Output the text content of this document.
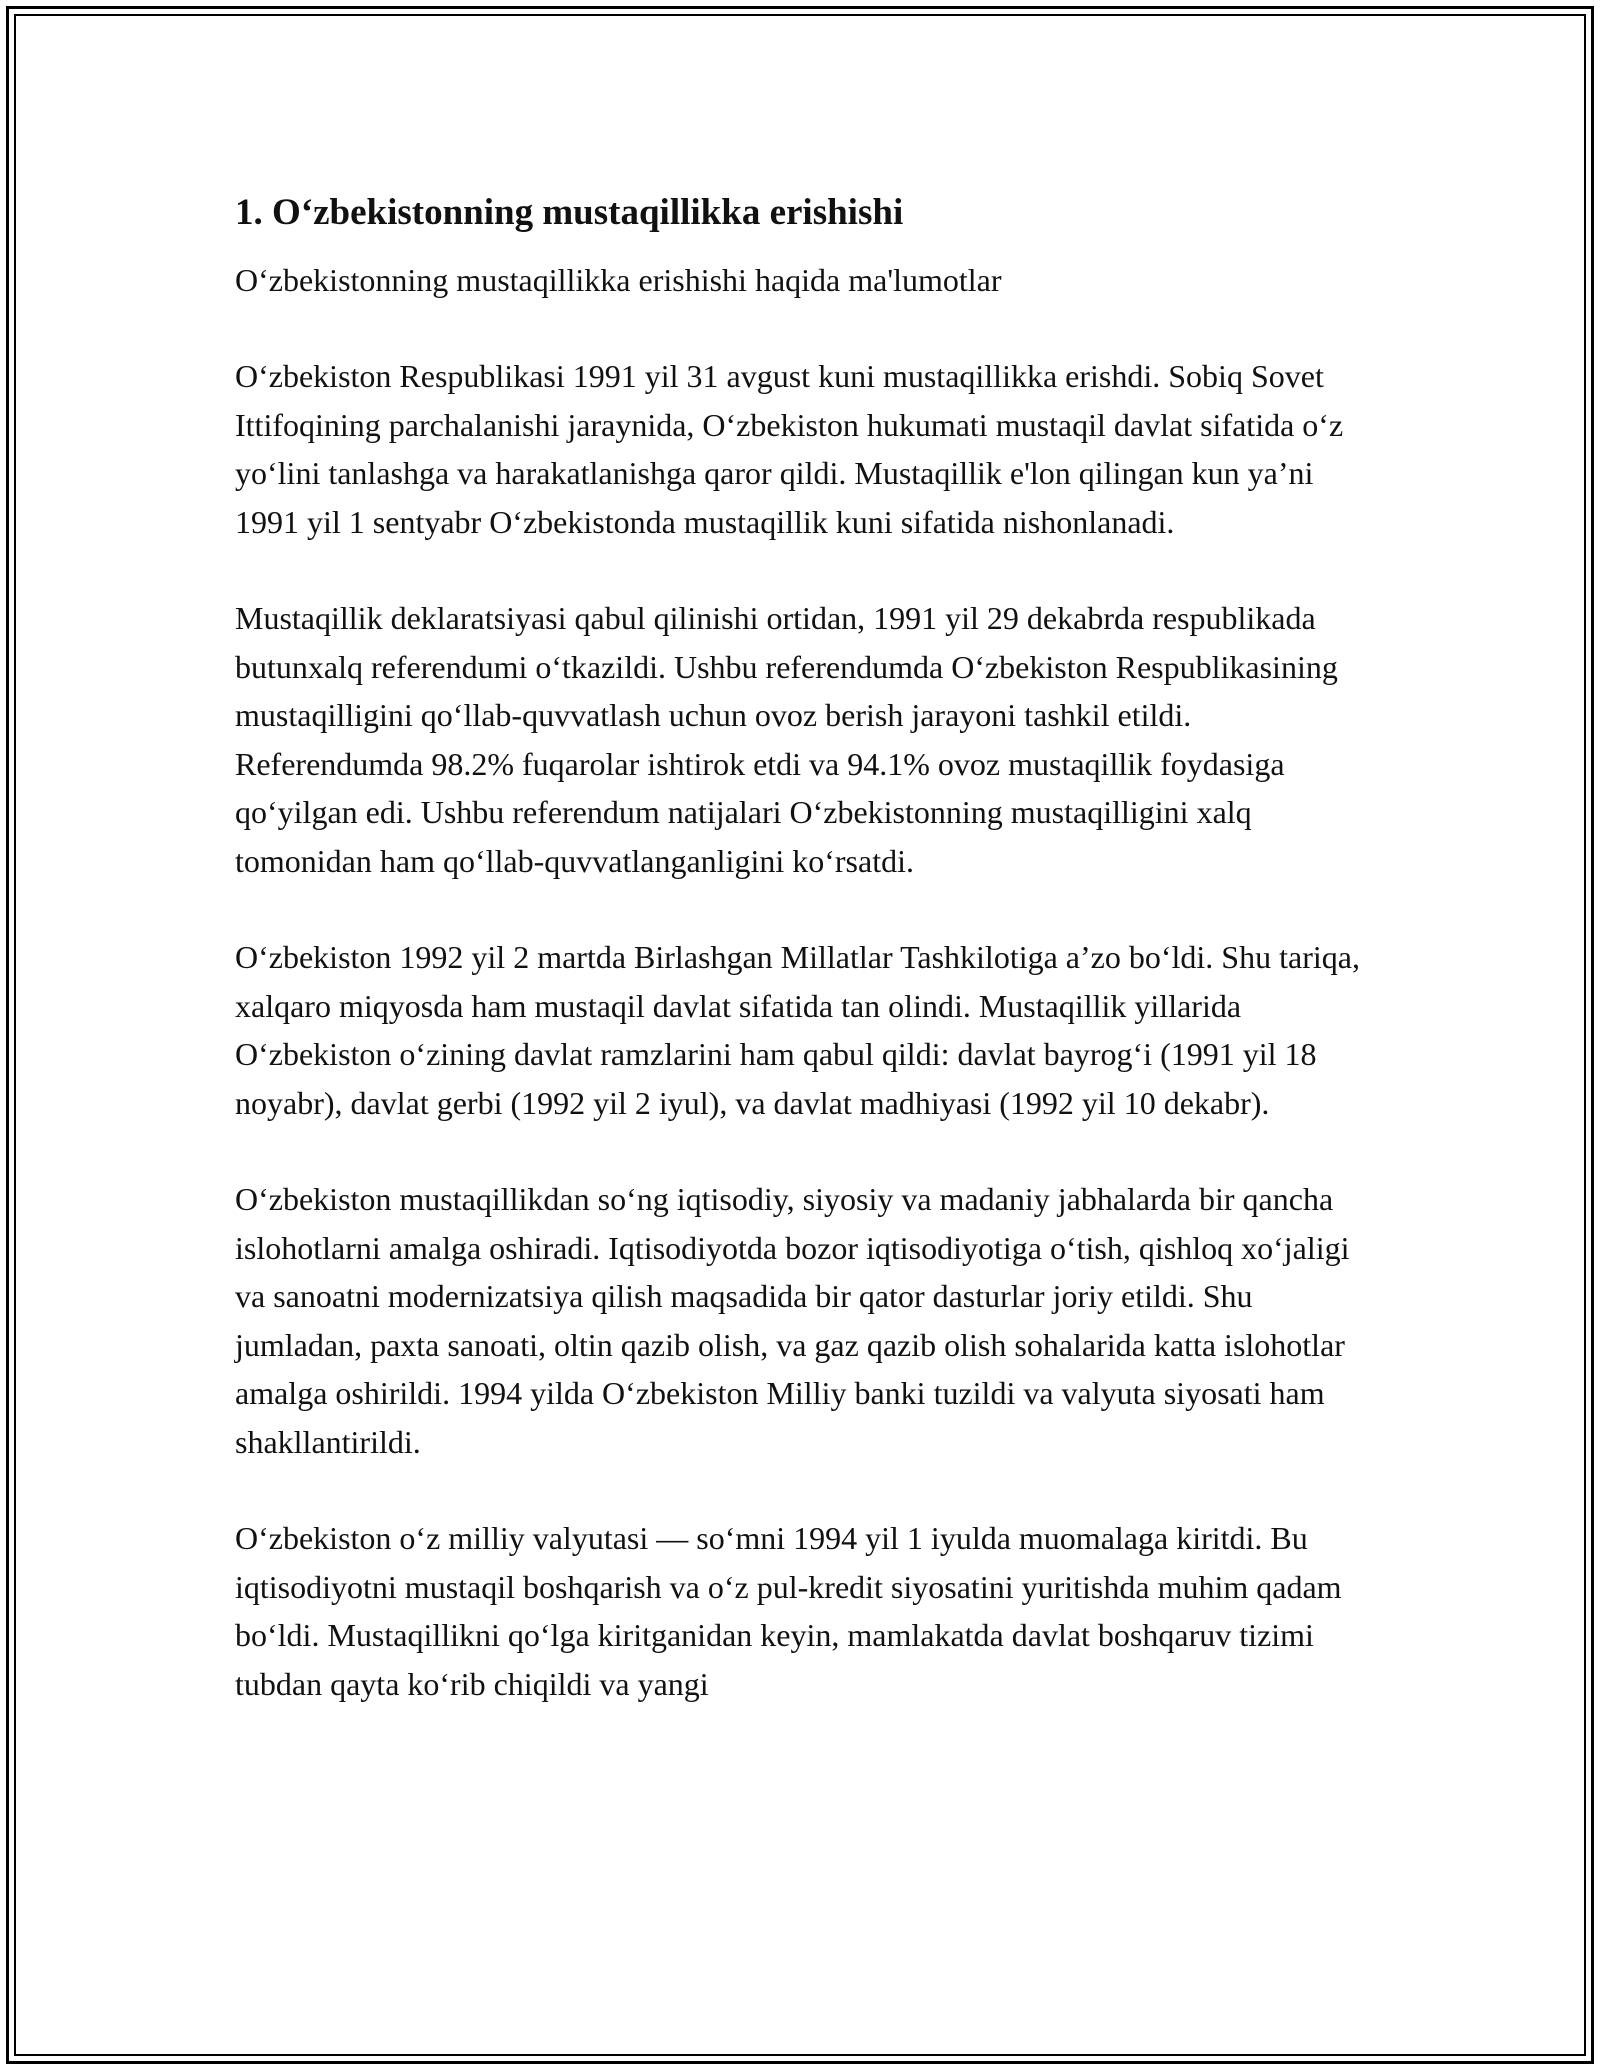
1. Oʻzbekistonning mustaqillikka erishishi

Oʻzbekistonning mustaqillikka erishishi haqida ma'lumotlar

Oʻzbekiston Respublikasi 1991 yil 31 avgust kuni mustaqillikka erishdi. Sobiq Sovet Ittifoqining parchalanishi jaraynida, Oʻzbekiston hukumati mustaqil davlat sifatida oʻz yoʻlini tanlashga va harakatlanishga qaror qildi. Mustaqillik e'lon qilingan kun ya’ni 1991 yil 1 sentyabr Oʻzbekistonda mustaqillik kuni sifatida nishonlanadi.

Mustaqillik deklaratsiyasi qabul qilinishi ortidan, 1991 yil 29 dekabrda respublikada butunxalq referendumi oʻtkazildi. Ushbu referendumda Oʻzbekiston Respublikasining mustaqilligini qoʻllab-quvvatlash uchun ovoz berish jarayoni tashkil etildi. Referendumda 98.2% fuqarolar ishtirok etdi va 94.1% ovoz mustaqillik foydasiga qoʻyilgan edi. Ushbu referendum natijalari Oʻzbekistonning mustaqilligini xalq tomonidan ham qoʻllab-quvvatlanganligini koʻrsatdi.

Oʻzbekiston 1992 yil 2 martda Birlashgan Millatlar Tashkilotiga a’zo boʻldi. Shu tariqa, xalqaro miqyosda ham mustaqil davlat sifatida tan olindi. Mustaqillik yillarida Oʻzbekiston oʻzining davlat ramzlarini ham qabul qildi: davlat bayrogʻi (1991 yil 18 noyabr), davlat gerbi (1992 yil 2 iyul), va davlat madhiyasi (1992 yil 10 dekabr).

Oʻzbekiston mustaqillikdan soʻng iqtisodiy, siyosiy va madaniy jabhalarda bir qancha islohotlarni amalga oshiradi. Iqtisodiyotda bozor iqtisodiyotiga oʻtish, qishloq xoʻjaligi va sanoatni modernizatsiya qilish maqsadida bir qator dasturlar joriy etildi. Shu jumladan, paxta sanoati, oltin qazib olish, va gaz qazib olish sohalarida katta islohotlar amalga oshirildi. 1994 yilda Oʻzbekiston Milliy banki tuzildi va valyuta siyosati ham shakllantirildi.

Oʻzbekiston oʻz milliy valyutasi — soʻmni 1994 yil 1 iyulda muomalaga kiritdi. Bu iqtisodiyotni mustaqil boshqarish va oʻz pul-kredit siyosatini yuritishda muhim qadam boʻldi. Mustaqillikni qoʻlga kiritganidan keyin, mamlakatda davlat boshqaruv tizimi tubdan qayta koʻrib chiqildi va yangi
